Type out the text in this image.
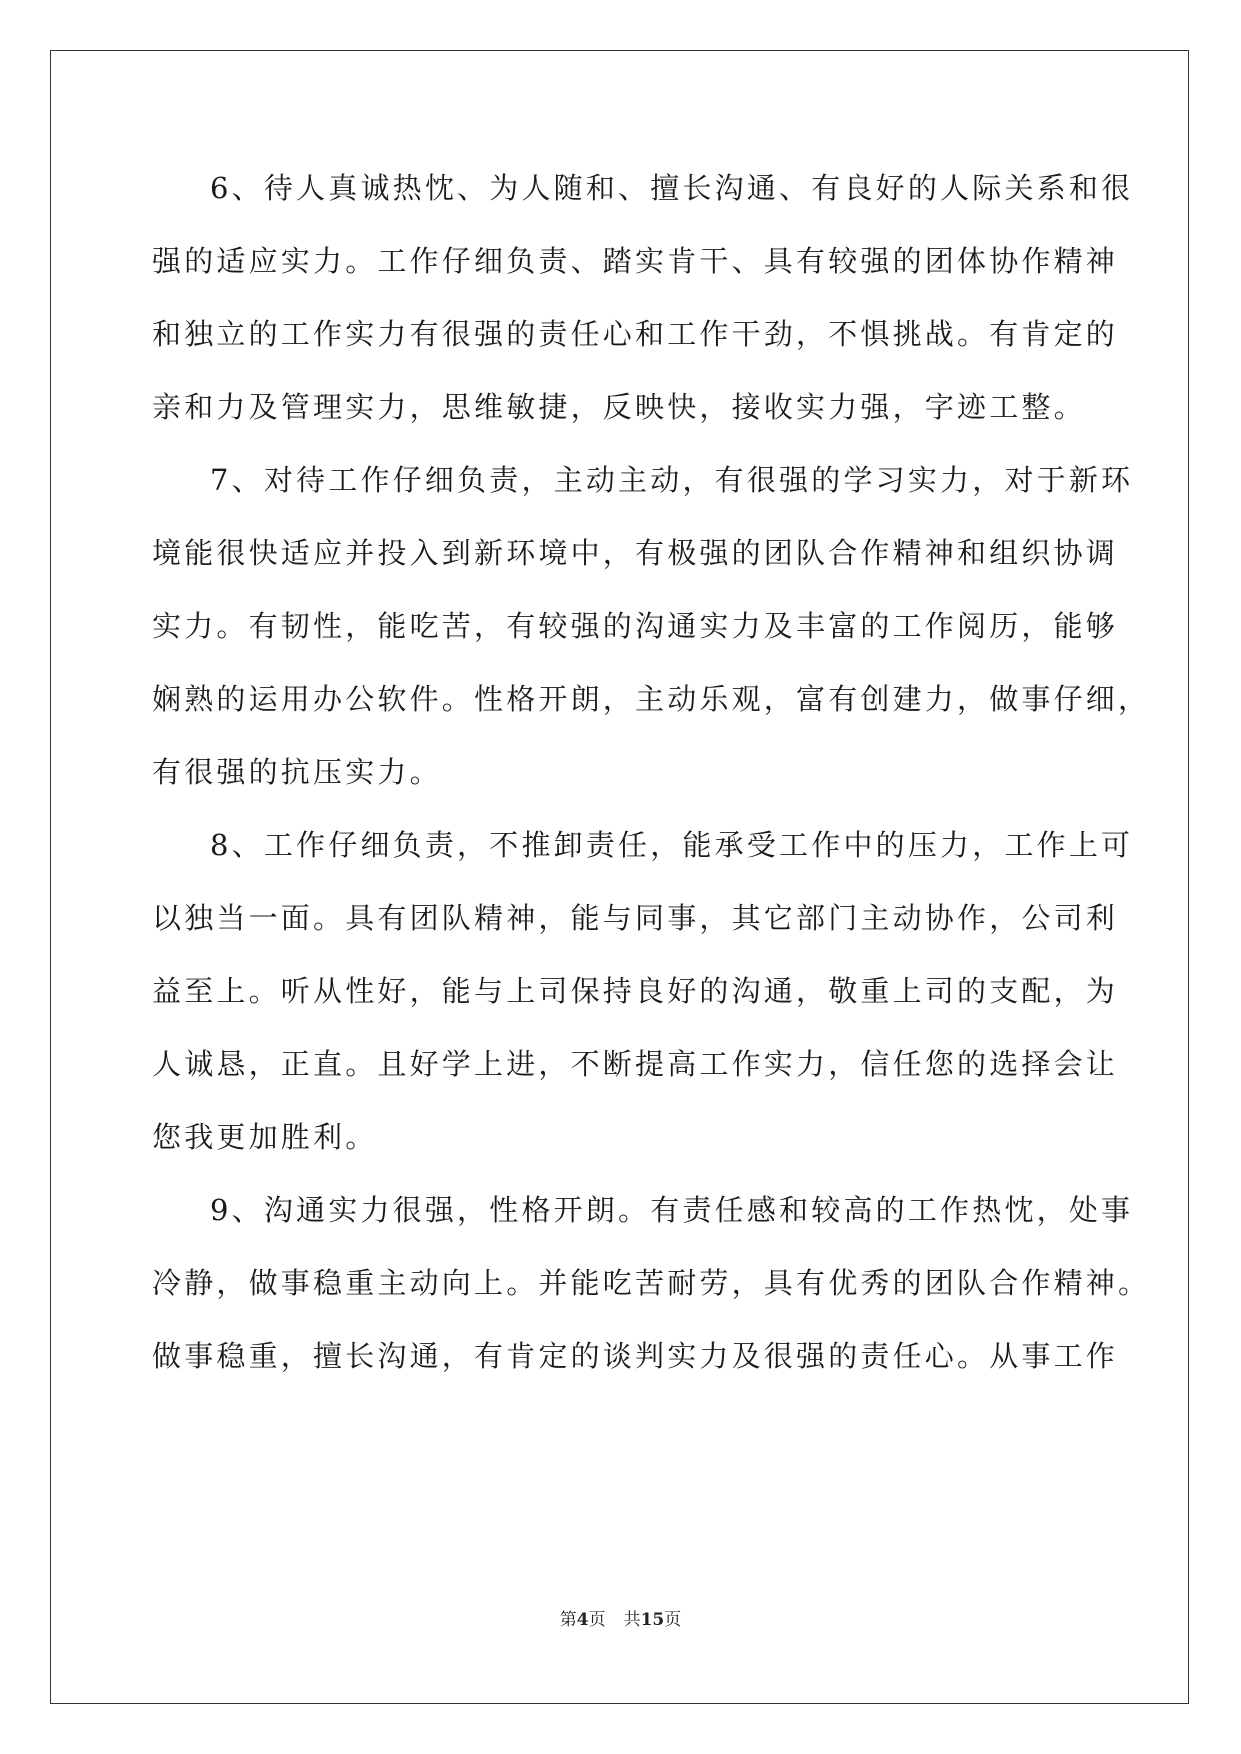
6、待人真诚热忱、为人随和、擅长沟通、有良好的人际关系和很
强的适应实力。工作仔细负责、踏实肯干、具有较强的团体协作精神
和独立的工作实力有很强的责任心和工作干劲，不惧挑战。有肯定的
亲和力及管理实力，思维敏捷，反映快，接收实力强，字迹工整。
7、对待工作仔细负责，主动主动，有很强的学习实力，对于新环
境能很快适应并投入到新环境中，有极强的团队合作精神和组织协调
实力。有韧性，能吃苦，有较强的沟通实力及丰富的工作阅历，能够
娴熟的运用办公软件。性格开朗，主动乐观，富有创建力，做事仔细，
有很强的抗压实力。
8、工作仔细负责，不推卸责任，能承受工作中的压力，工作上可
以独当一面。具有团队精神，能与同事，其它部门主动协作，公司利
益至上。听从性好，能与上司保持良好的沟通，敬重上司的支配，为
人诚恳，正直。且好学上进，不断提高工作实力，信任您的选择会让
您我更加胜利。
9、沟通实力很强，性格开朗。有责任感和较高的工作热忱，处事
冷静，做事稳重主动向上。并能吃苦耐劳，具有优秀的团队合作精神。
做事稳重，擅长沟通，有肯定的谈判实力及很强的责任心。从事工作
第4页 共15页
